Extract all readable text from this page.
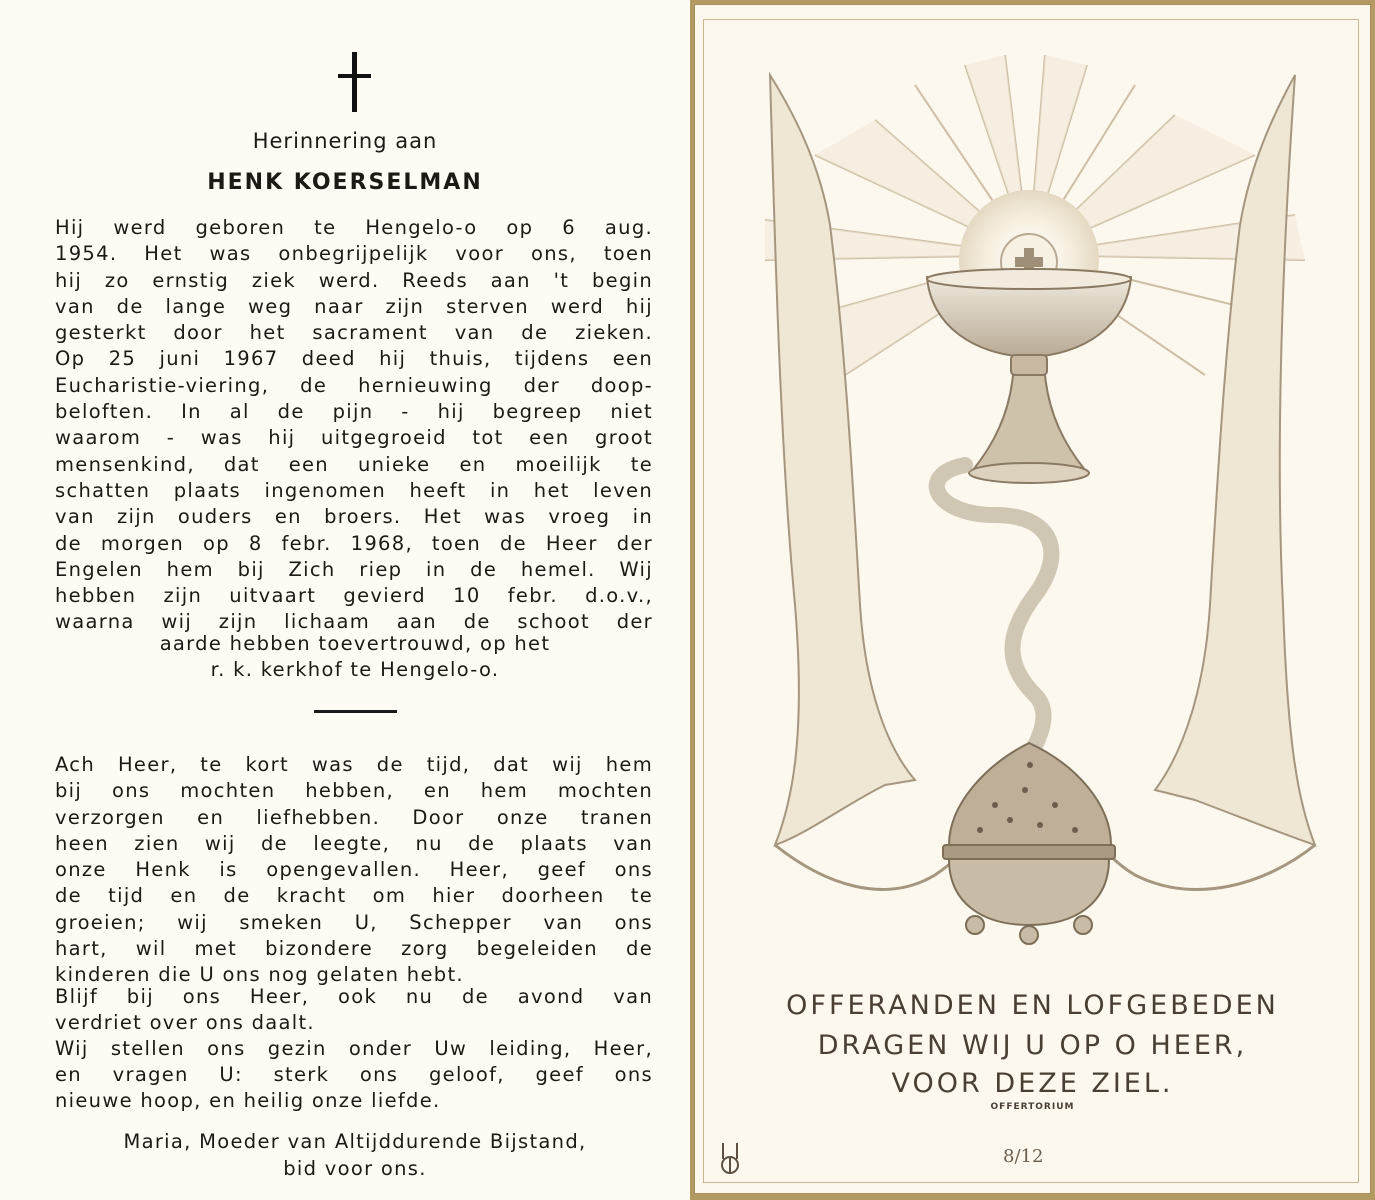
Herinnering aan
HENK KOERSELMAN
Hij werd geboren te Hengelo-o op 6 aug.
1954. Het was onbegrijpelijk voor ons, toen
hij zo ernstig ziek werd. Reeds aan 't begin
van de lange weg naar zijn sterven werd hij
gesterkt door het sacrament van de zieken.
Op 25 juni 1967 deed hij thuis, tijdens een
Eucharistie-viering, de hernieuwing der doop-
beloften. In al de pijn - hij begreep niet
waarom - was hij uitgegroeid tot een groot
mensenkind, dat een unieke en moeilijk te
schatten plaats ingenomen heeft in het leven
van zijn ouders en broers. Het was vroeg in
de morgen op 8 febr. 1968, toen de Heer der
Engelen hem bij Zich riep in de hemel. Wij
hebben zijn uitvaart gevierd 10 febr. d.o.v.,
waarna wij zijn lichaam aan de schoot der
aarde hebben toevertrouwd, op het
r. k. kerkhof te Hengelo-o.
Ach Heer, te kort was de tijd, dat wij hem
bij ons mochten hebben, en hem mochten
verzorgen en liefhebben. Door onze tranen
heen zien wij de leegte, nu de plaats van
onze Henk is opengevallen. Heer, geef ons
de tijd en de kracht om hier doorheen te
groeien; wij smeken U, Schepper van ons
hart, wil met bizondere zorg begeleiden de
kinderen die U ons nog gelaten hebt.
Blijf bij ons Heer, ook nu de avond van
verdriet over ons daalt.
Wij stellen ons gezin onder Uw leiding, Heer,
en vragen U: sterk ons geloof, geef ons
nieuwe hoop, en heilig onze liefde.
Maria, Moeder van Altijddurende Bijstand,
bid voor ons.
OFFERANDEN EN LOFGEBEDEN
DRAGEN WIJ U OP O HEER,
VOOR DEZE ZIEL.
OFFERTORIUM
8/12
